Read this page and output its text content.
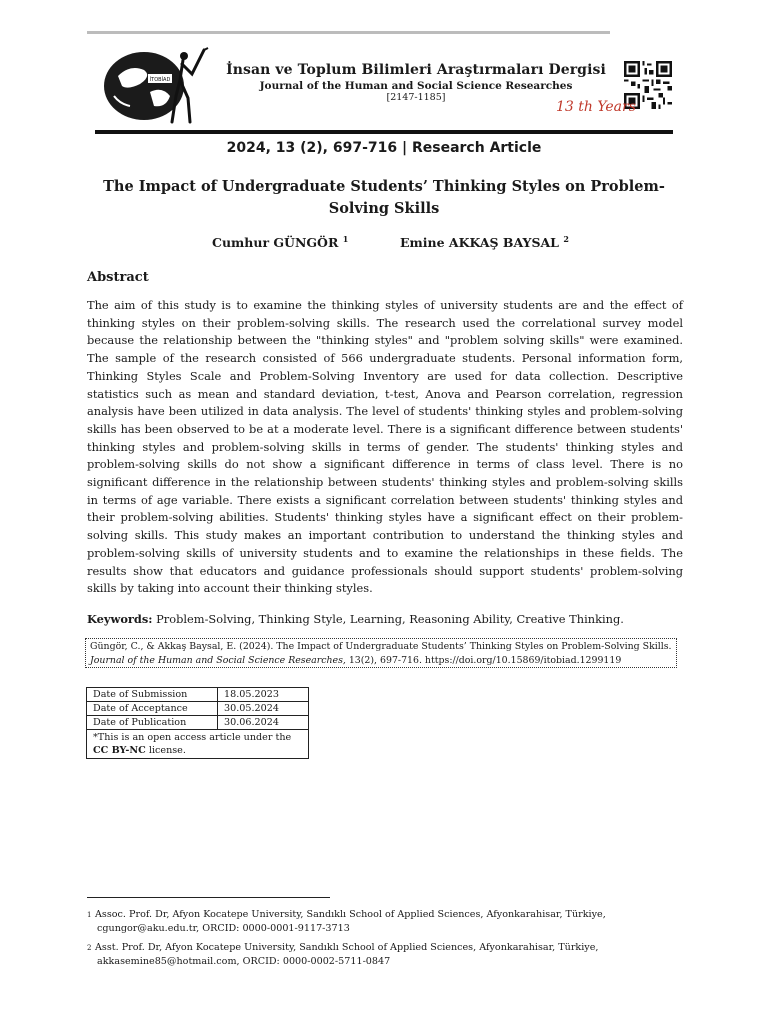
İTOBİAD
İnsan ve Toplum Bilimleri Araştırmaları Dergisi
Journal of the Human and Social Science Researches
[2147-1185]
13 th Years
2024, 13 (2), 697-716 | Research Article
The Impact of Undergraduate Students’ Thinking Styles on Problem-Solving Skills
Cumhur GÜNGÖR $^1$	Emine AKKAŞ BAYSAL $^2$
Abstract
The aim of this study is to examine the thinking styles of university students are and the effect of thinking styles on their problem-solving skills. The research used the correlational survey model because the relationship between the "thinking styles" and "problem solving skills" were examined. The sample of the research consisted of 566 undergraduate students. Personal information form, Thinking Styles Scale and Problem-Solving Inventory are used for data collection. Descriptive statistics such as mean and standard deviation, t-test, Anova and Pearson correlation, regression analysis have been utilized in data analysis. The level of students' thinking styles and problem-solving skills has been observed to be at a moderate level. There is a significant difference between students' thinking styles and problem-solving skills in terms of gender. The students' thinking styles and problem-solving skills do not show a significant difference in terms of class level. There is no significant difference in the relationship between students' thinking styles and problem-solving skills in terms of age variable. There exists a significant correlation between students' thinking styles and their problem-solving abilities. Students' thinking styles have a significant effect on their problem-solving skills. This study makes an important contribution to understand the thinking styles and problem-solving skills of university students and to examine the relationships in these fields. The results show that educators and guidance professionals should support students' problem-solving skills by taking into account their thinking styles.
Keywords: Problem-Solving, Thinking Style, Learning, Reasoning Ability, Creative Thinking.
Güngör, C., & Akkaş Baysal, E. (2024). The Impact of Undergraduate Students’ Thinking Styles on Problem-Solving Skills. Journal of the Human and Social Science Researches, 13(2), 697-716. https://doi.org/10.15869/itobiad.1299119
Date of Submission	18.05.2023
Date of Acceptance	30.05.2024
Date of Publication	30.06.2024
*This is an open access article under the
CC BY-NC license.	
1 Assoc. Prof. Dr, Afyon Kocatepe University, Sandıklı School of Applied Sciences, Afyonkarahisar, Türkiye,
cgungor@aku.edu.tr, ORCID: 0000-0001-9117-3713
2 Asst. Prof. Dr, Afyon Kocatepe University, Sandıklı School of Applied Sciences, Afyonkarahisar, Türkiye,
akkasemine85@hotmail.com, ORCID: 0000-0002-5711-0847
